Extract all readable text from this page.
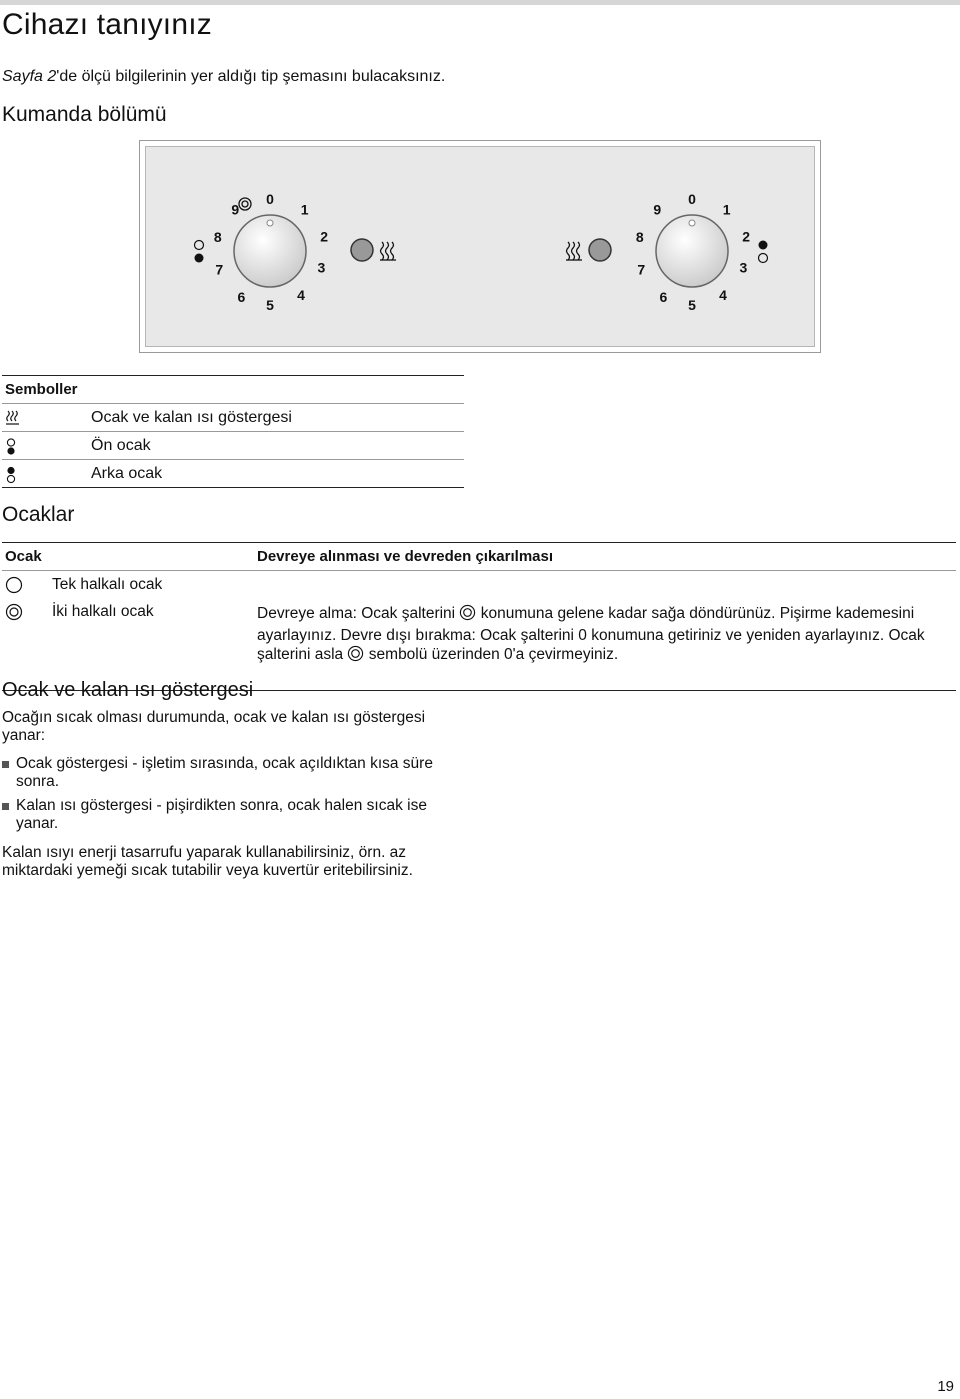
Cihazı tanıyınız
Sayfa 2'de ölçü bilgilerinin yer aldığı tip şemasını bulacaksınız.
Kumanda bölümü
0
1
2
3
4
5
6
7
8
9
0
1
2
3
4
5
6
7
8
9
Semboller
Ocak ve kalan ısı göstergesi
Ön ocak
Arka ocak
Ocaklar
Ocak	Devreye alınması ve devreden çıkarılması
Tek halkalı ocak
İki halkalı ocak	Devreye alma: Ocak şalterini konumuna gelene kadar sağa döndürünüz. Pişirme kademesini ayarlayınız. Devre dışı bırakma: Ocak şalterini 0 konumuna getiriniz ve yeniden ayarlayınız. Ocak şalterini asla sembolü üzerinden 0'a çevirmeyiniz.
Ocak ve kalan ısı göstergesi
Ocağın sıcak olması durumunda, ocak ve kalan ısı göstergesi yanar:
Ocak göstergesi - işletim sırasında, ocak açıldıktan kısa süre sonra.
Kalan ısı göstergesi - pişirdikten sonra, ocak halen sıcak ise yanar.
Kalan ısıyı enerji tasarrufu yaparak kullanabilirsiniz, örn. az miktardaki yemeği sıcak tutabilir veya kuvertür eritebilirsiniz.
19
